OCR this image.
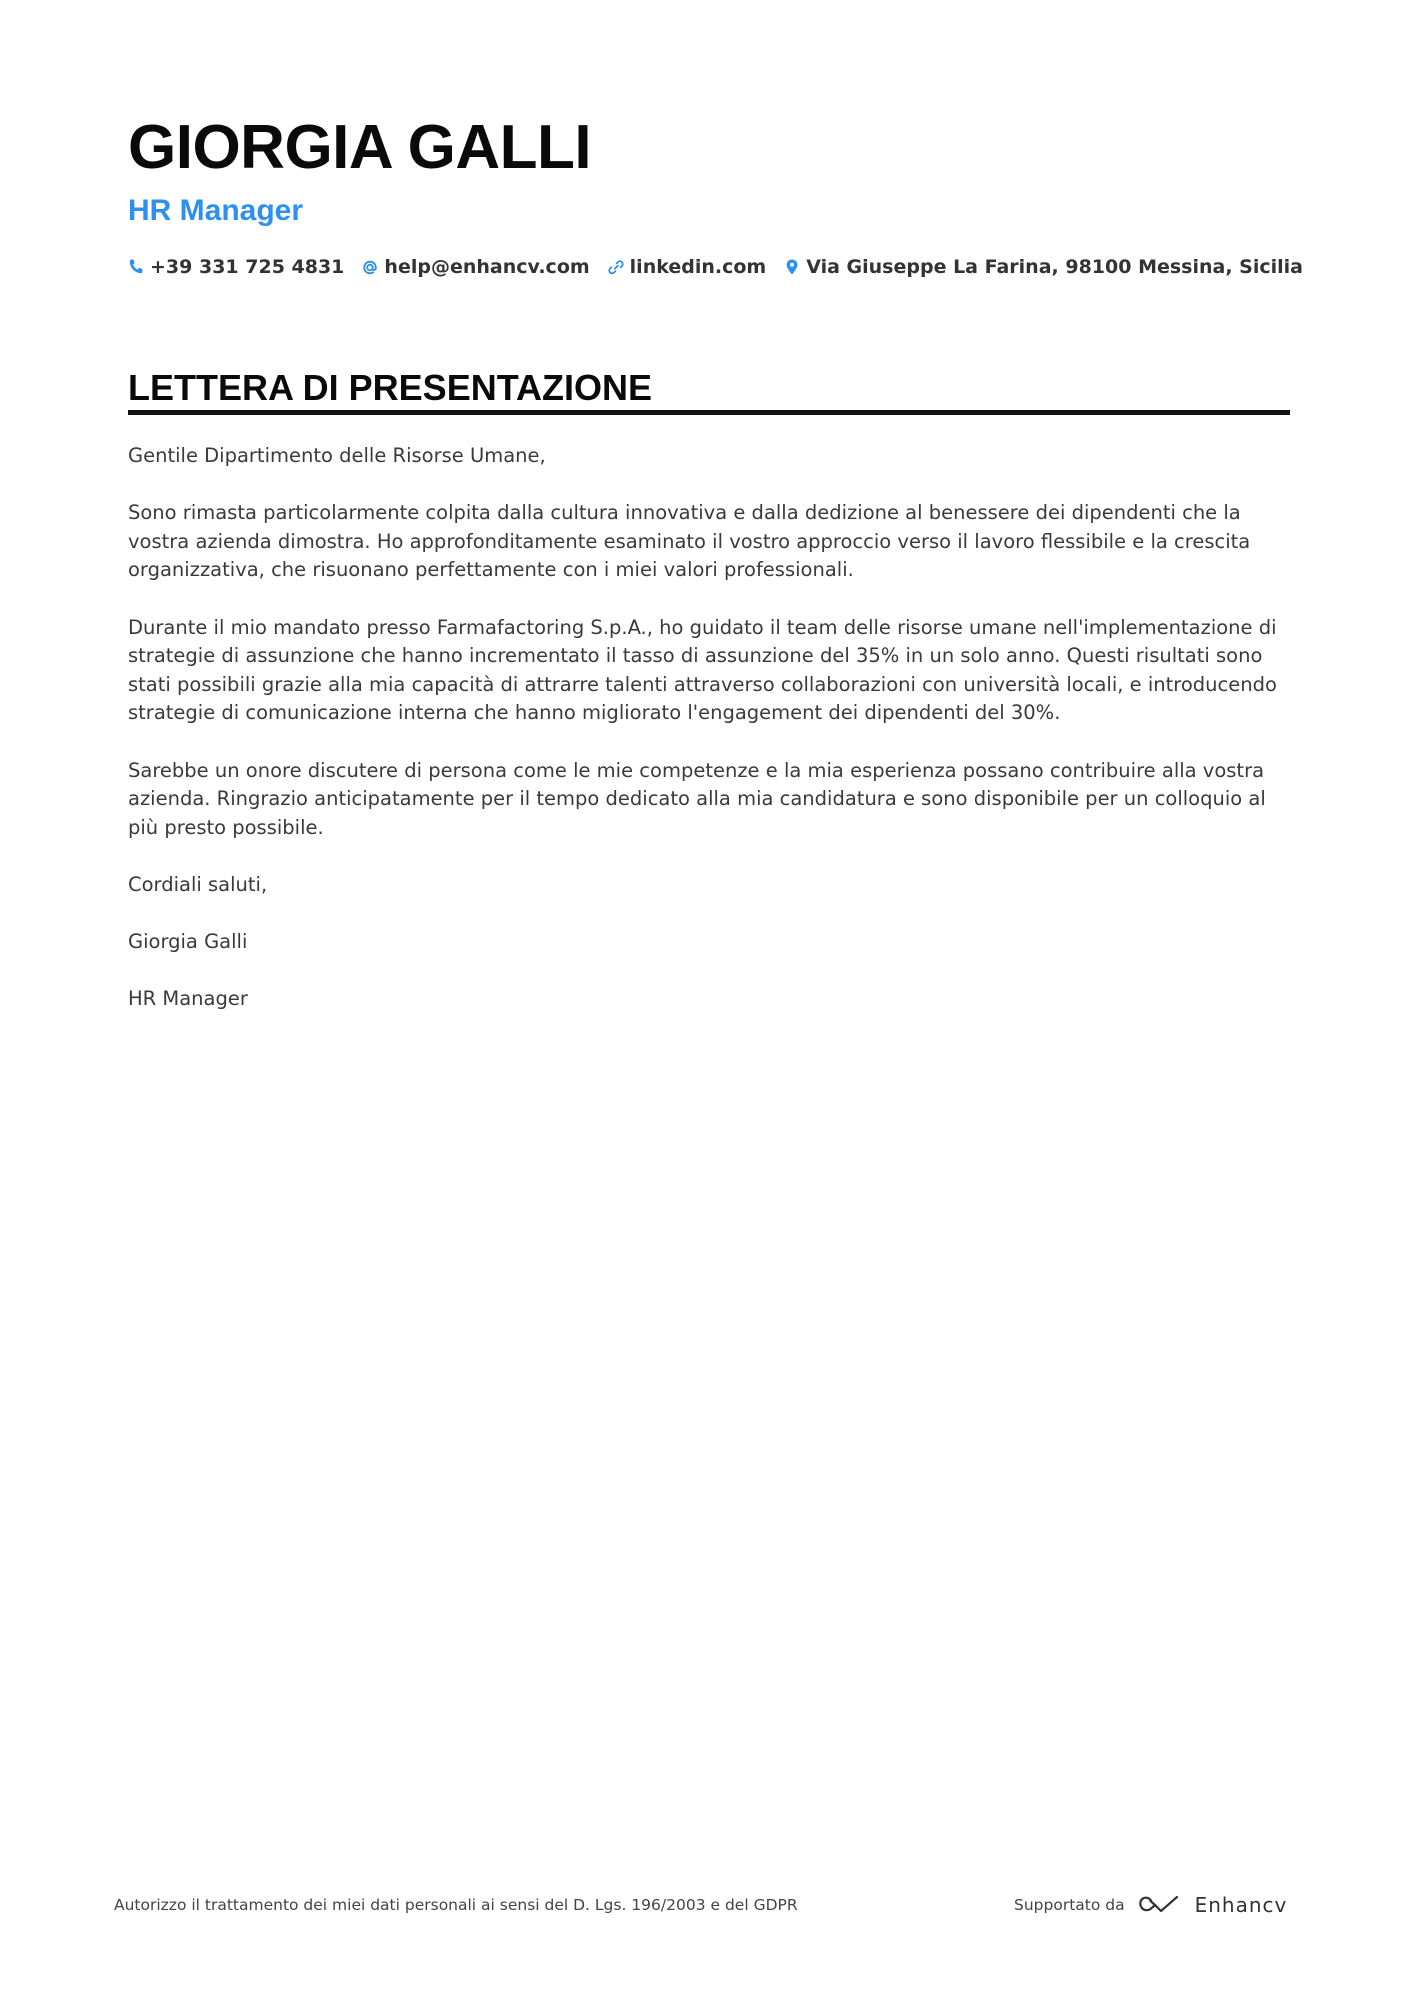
GIORGIA GALLI
HR Manager
+39 331 725 4831 help@enhancv.com linkedin.com Via Giuseppe La Farina, 98100 Messina, Sicilia
LETTERA DI PRESENTAZIONE

Gentile Dipartimento delle Risorse Umane,

Sono rimasta particolarmente colpita dalla cultura innovativa e dalla dedizione al benessere dei dipendenti che la vostra azienda dimostra. Ho approfonditamente esaminato il vostro approccio verso il lavoro flessibile e la crescita organizzativa, che risuonano perfettamente con i miei valori professionali.

Durante il mio mandato presso Farmafactoring S.p.A., ho guidato il team delle risorse umane nell'implementazione di strategie di assunzione che hanno incrementato il tasso di assunzione del 35% in un solo anno. Questi risultati sono stati possibili grazie alla mia capacità di attrarre talenti attraverso collaborazioni con università locali, e introducendo strategie di comunicazione interna che hanno migliorato l'engagement dei dipendenti del 30%.

Sarebbe un onore discutere di persona come le mie competenze e la mia esperienza possano contribuire alla vostra azienda. Ringrazio anticipatamente per il tempo dedicato alla mia candidatura e sono disponibile per un colloquio al più presto possibile.

Cordiali saluti,

Giorgia Galli

HR Manager

Autorizzo il trattamento dei miei dati personali ai sensi del D. Lgs. 196/2003 e del GDPR	Supportato da	Enhancv
